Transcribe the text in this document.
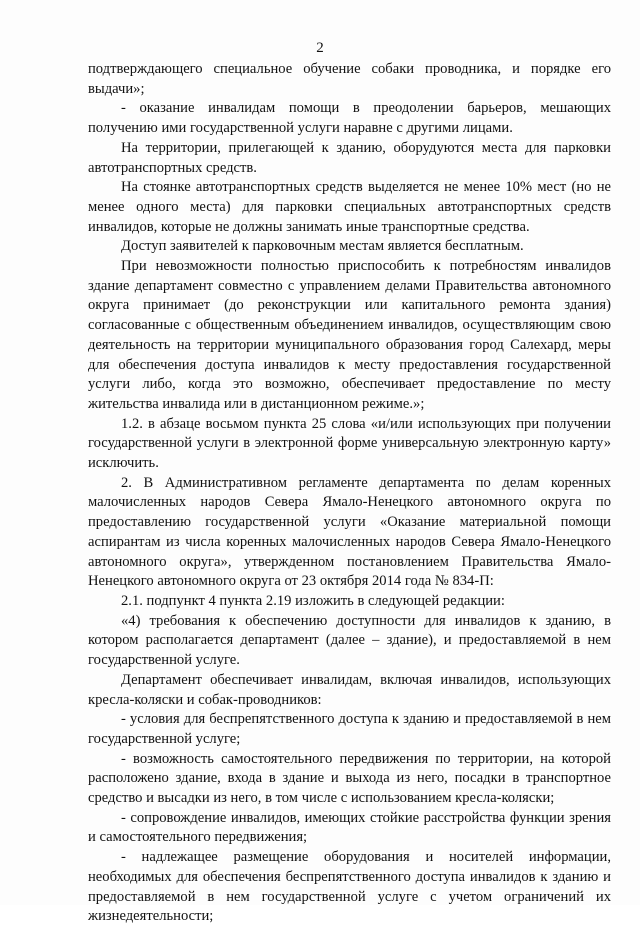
2

подтверждающего специальное обучение собаки проводника, и порядке его выдачи»;

- оказание инвалидам помощи в преодолении барьеров, мешающих получению ими государственной услуги наравне с другими лицами.

На территории, прилегающей к зданию, оборудуются места для парковки автотранспортных средств.

На стоянке автотранспортных средств выделяется не менее 10% мест (но не менее одного места) для парковки специальных автотранспортных средств инвалидов, которые не должны занимать иные транспортные средства.

Доступ заявителей к парковочным местам является бесплатным.

При невозможности полностью приспособить к потребностям инвалидов здание департамент совместно с управлением делами Правительства автономного округа принимает (до реконструкции или капитального ремонта здания) согласованные с общественным объединением инвалидов, осуществляющим свою деятельность на территории муниципального образования город Салехард, меры для обеспечения доступа инвалидов к месту предоставления государственной услуги либо, когда это возможно, обеспечивает предоставление по месту жительства инвалида или в дистанционном режиме.»;

1.2. в абзаце восьмом пункта 25 слова «и/или использующих при получении государственной услуги в электронной форме универсальную электронную карту» исключить.

2. В Административном регламенте департамента по делам коренных малочисленных народов Севера Ямало-Ненецкого автономного округа по предоставлению государственной услуги «Оказание материальной помощи аспирантам из числа коренных малочисленных народов Севера Ямало-Ненецкого автономного округа», утвержденном постановлением Правительства Ямало-Ненецкого автономного округа от 23 октября 2014 года № 834-П:

2.1. подпункт 4 пункта 2.19 изложить в следующей редакции:

«4) требования к обеспечению доступности для инвалидов к зданию, в котором располагается департамент (далее – здание), и предоставляемой в нем государственной услуге.

Департамент обеспечивает инвалидам, включая инвалидов, использующих кресла-коляски и собак-проводников:

- условия для беспрепятственного доступа к зданию и предоставляемой в нем государственной услуге;

- возможность самостоятельного передвижения по территории, на которой расположено здание, входа в здание и выхода из него, посадки в транспортное средство и высадки из него, в том числе с использованием кресла-коляски;

- сопровождение инвалидов, имеющих стойкие расстройства функции зрения и самостоятельного передвижения;

- надлежащее размещение оборудования и носителей информации, необходимых для обеспечения беспрепятственного доступа инвалидов к зданию и предоставляемой в нем государственной услуге с учетом ограничений их жизнедеятельности;
